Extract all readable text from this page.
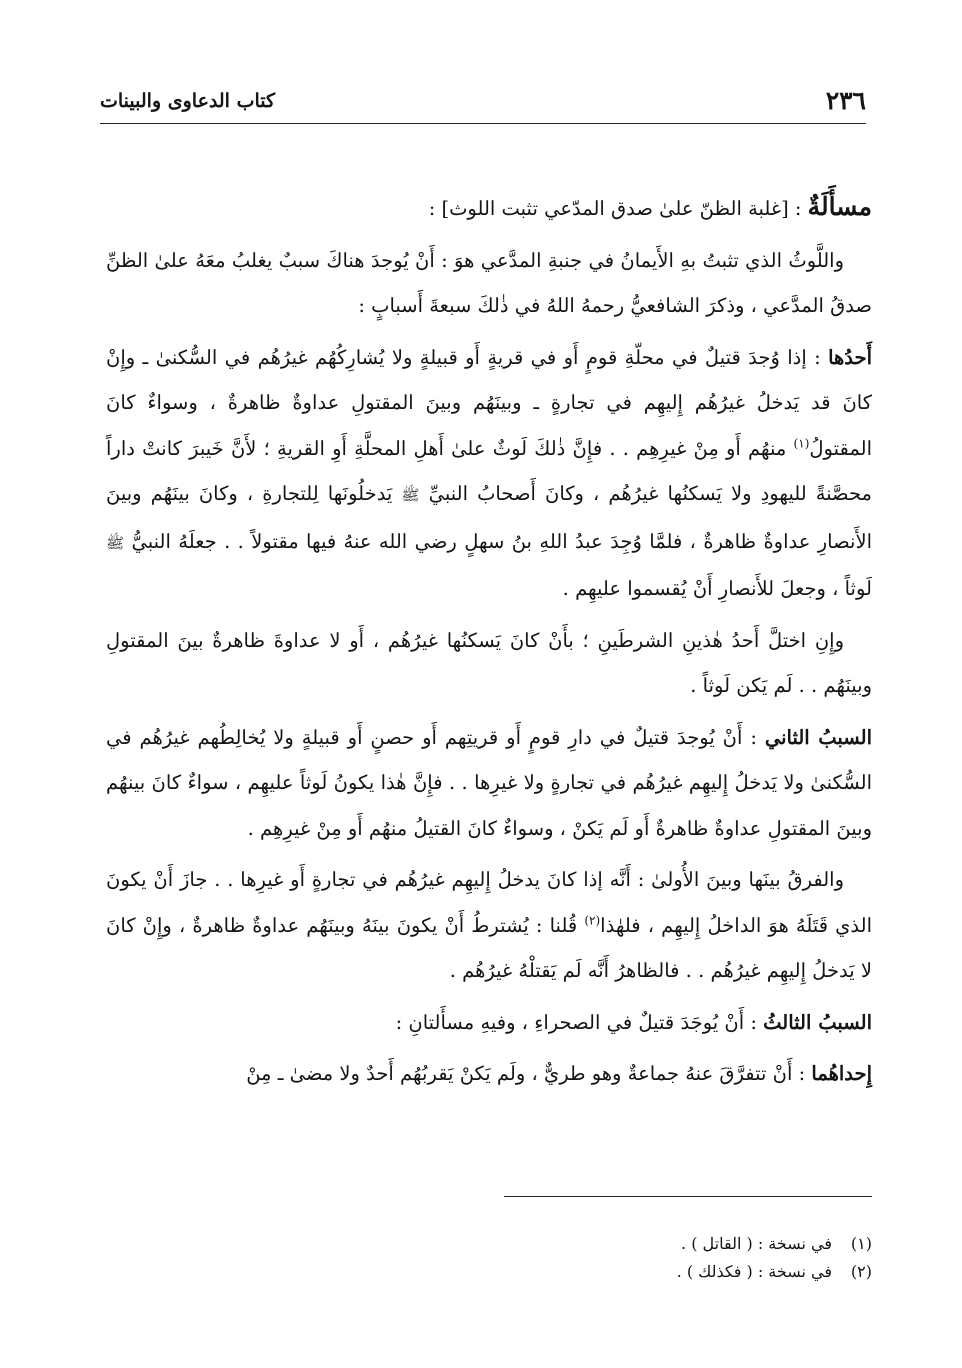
٢٣٦
كتاب الدعاوى والبينات

مسأَلَةٌ : [غلبة الظنّ علىٰ صدق المدّعي تثبت اللوث] :

واللَّوثُ الذي تثبتُ بهِ الأَيمانُ في جنبةِ المدَّعي هوَ : أَنْ يُوجدَ هناكَ سببٌ يغلبُ معَهُ علىٰ الظنِّ صدقُ المدَّعي ، وذكرَ الشافعيُّ رحمهُ اللهُ في ذٰلكَ سبعةَ أَسبابٍ :

أَحدُها : إذا وُجدَ قتيلٌ في محلّةِ قومٍ أَو في قريةٍ أَو قبيلةٍ ولا يُشارِكُهُم غيرُهُم في السُّكنىٰ ـ وإِنْ كانَ قد يَدخلُ غيرُهُم إِليهِم في تجارةٍ ـ وبينَهُم وبينَ المقتولِ عداوةٌ ظاهرةٌ ، وسواءٌ كانَ المقتولُ$^{(١)}$ منهُم أَو مِنْ غيرِهِم . . فإِنَّ ذٰلكَ لَوثٌ علىٰ أَهلِ المحلَّةِ أَوِ القريةِ ؛ لأَنَّ خَيبرَ كانتْ داراً محصَّنةً لليهودِ ولا يَسكنُها غيرُهُم ، وكانَ أَصحابُ النبيِّ ﷺ يَدخلُونَها لِلتجارةِ ، وكانَ بينَهُم وبينَ الأَنصارِ عداوةٌ ظاهرةٌ ، فلمَّا وُجِدَ عبدُ اللهِ بنُ سهلٍ رضي الله عنهُ فيها مقتولاً . . جعلَهُ النبيُّ ﷺ لَوثاً ، وجعلَ للأَنصارِ أَنْ يُقسموا عليهِم .

وإِنِ اختلَّ أَحدُ هٰذينِ الشرطَينِ ؛ بأَنْ كانَ يَسكنُها غيرُهُم ، أَو لا عداوةَ ظاهرةٌ بينَ المقتولِ وبينَهُم . . لَم يَكن لَوثاً .

السببُ الثاني : أَنْ يُوجدَ قتيلٌ في دارِ قومٍ أَو قريتِهم أَو حصنٍ أَو قبيلةٍ ولا يُخالِطُهم غيرُهُم في السُّكنىٰ ولا يَدخلُ إِليهِم غيرُهُم في تجارةٍ ولا غيرِها . . فإِنَّ هٰذا يكونُ لَوثاً عليهِم ، سواءٌ كانَ بينهُم وبينَ المقتولِ عداوةٌ ظاهرةٌ أَو لَم يَكنْ ، وسواءٌ كانَ القتيلُ منهُم أَو مِنْ غيرِهِم .

والفرقُ بينَها وبينَ الأُولىٰ : أَنَّه إذا كانَ يدخلُ إِليهِم غيرُهُم في تجارةٍ أَو غيرِها . . جازَ أَنْ يكونَ الذي قَتَلَهُ هوَ الداخلُ إِليهِم ، فلهٰذا$^{(٢)}$ قُلنا : يُشترطُ أَنْ يكونَ بينَهُ وبينَهُم عداوةٌ ظاهرةٌ ، وإِنْ كانَ لا يَدخلُ إِليهِم غيرُهُم . . فالظاهرُ أَنَّه لَم يَقتلْهُ غيرُهُم .

السببُ الثالثُ : أَنْ يُوجَدَ قتيلٌ في الصحراءِ ، وفيهِ مسأَلتانِ :

إِحداهُما : أَنْ تتفرَّقَ عنهُ جماعةٌ وهو طريٌّ ، ولَم يَكنْ يَقربُهُم أَحدٌ ولا مضىٰ ـ مِنْ

(١)في نسخة : ( القاتل ) .
(٢)في نسخة : ( فكذلك ) .
